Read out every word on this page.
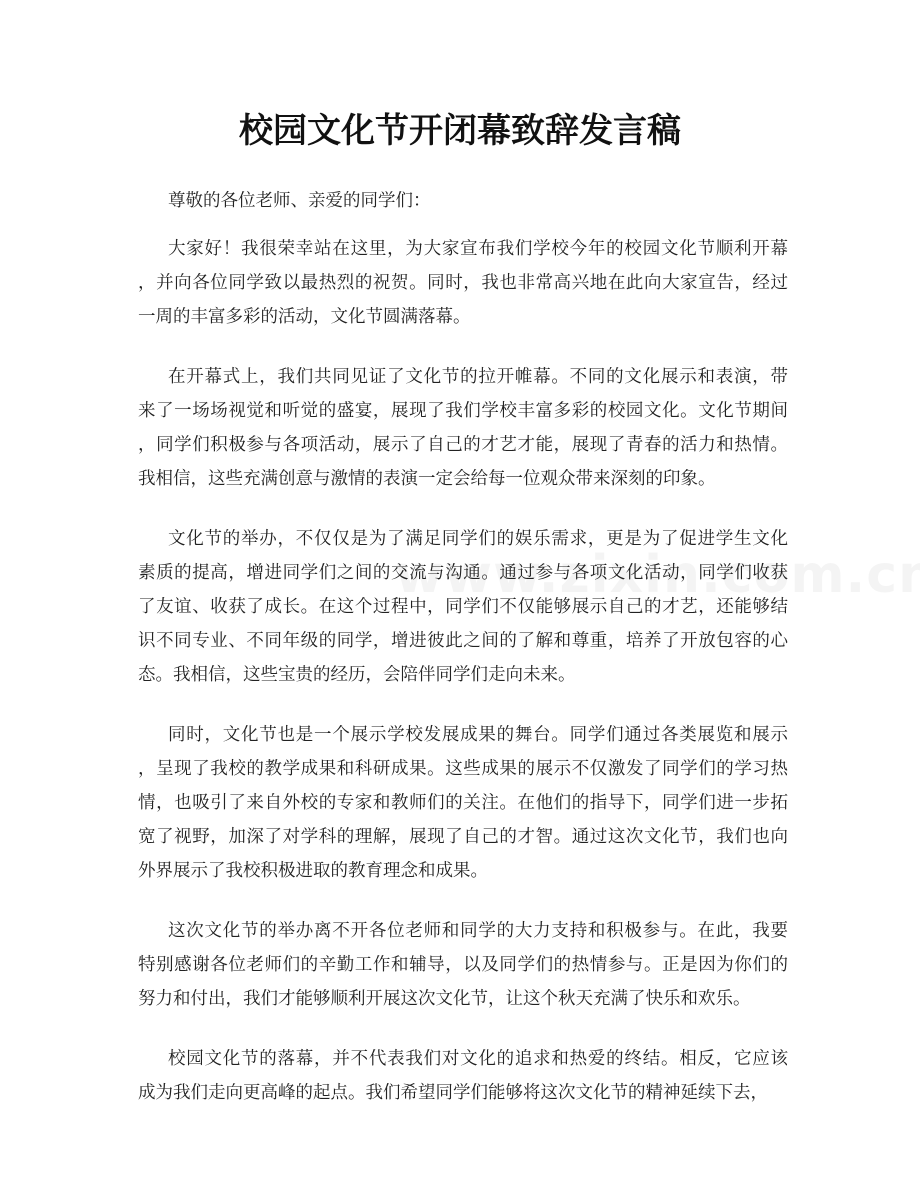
校园文化节开闭幕致辞发言稿

尊敬的各位老师、亲爱的同学们：

大家好！我很荣幸站在这里，为大家宣布我们学校今年的校园文化节顺利开幕
，并向各位同学致以最热烈的祝贺。同时，我也非常高兴地在此向大家宣告，经过
一周的丰富多彩的活动，文化节圆满落幕。
在开幕式上，我们共同见证了文化节的拉开帷幕。不同的文化展示和表演，带
来了一场场视觉和听觉的盛宴，展现了我们学校丰富多彩的校园文化。文化节期间
，同学们积极参与各项活动，展示了自己的才艺才能，展现了青春的活力和热情。
我相信，这些充满创意与激情的表演一定会给每一位观众带来深刻的印象。
文化节的举办，不仅仅是为了满足同学们的娱乐需求，更是为了促进学生文化
素质的提高，增进同学们之间的交流与沟通。通过参与各项文化活动，同学们收获
了友谊、收获了成长。在这个过程中，同学们不仅能够展示自己的才艺，还能够结
识不同专业、不同年级的同学，增进彼此之间的了解和尊重，培养了开放包容的心
态。我相信，这些宝贵的经历，会陪伴同学们走向未来。
同时，文化节也是一个展示学校发展成果的舞台。同学们通过各类展览和展示
，呈现了我校的教学成果和科研成果。这些成果的展示不仅激发了同学们的学习热
情，也吸引了来自外校的专家和教师们的关注。在他们的指导下，同学们进一步拓
宽了视野，加深了对学科的理解，展现了自己的才智。通过这次文化节，我们也向
外界展示了我校积极进取的教育理念和成果。
这次文化节的举办离不开各位老师和同学的大力支持和积极参与。在此，我要
特别感谢各位老师们的辛勤工作和辅导，以及同学们的热情参与。正是因为你们的
努力和付出，我们才能够顺利开展这次文化节，让这个秋天充满了快乐和欢乐。
校园文化节的落幕，并不代表我们对文化的追求和热爱的终结。相反，它应该
成为我们走向更高峰的起点。我们希望同学们能够将这次文化节的精神延续下去，
